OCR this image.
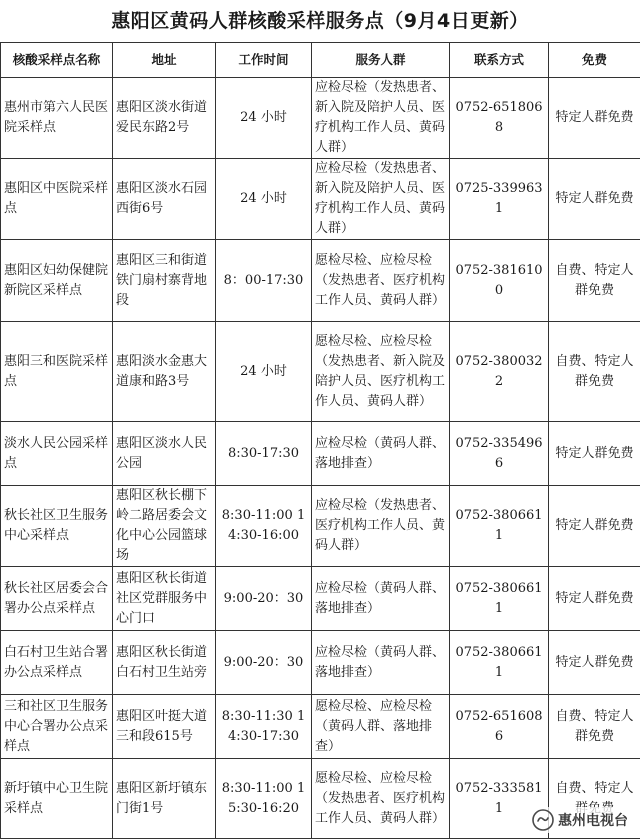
惠阳区黄码人群核酸采样服务点（9月4日更新）
核酸采样点名称	地址	工作时间	服务人群	联系方式	免费
惠州市第六人民医院采样点	惠阳区淡水街道爱民东路2号	24 小时	应检尽检（发热患者、新入院及陪护人员、医疗机构工作人员、黄码人群）	0752-6518068	特定人群免费
惠阳区中医院采样点	惠阳区淡水石园西街6号	24 小时	应检尽检（发热患者、新入院及陪护人员、医疗机构工作人员、黄码人群）	0725-3399631	特定人群免费
惠阳区妇幼保健院新院区采样点	惠阳区三和街道铁门扇村寨背地段	8：00-17:30	愿检尽检、应检尽检（发热患者、医疗机构工作人员、黄码人群）	0752-3816100	自费、特定人群免费
惠阳三和医院采样点	惠阳淡水金惠大道康和路3号	24 小时	愿检尽检、应检尽检（发热患者、新入院及陪护人员、医疗机构工作人员、黄码人群）	0752-3800322	自费、特定人群免费
淡水人民公园采样点	惠阳区淡水人民公园	8:30-17:30	应检尽检（黄码人群、落地排查）	0752-3354966	特定人群免费
秋长社区卫生服务中心采样点	惠阳区秋长棚下岭二路居委会文化中心公园篮球场	8:30-11:00 14:30-16:00	应检尽检（发热患者、医疗机构工作人员、黄码人群）	0752-3806611	特定人群免费
秋长社区居委会合署办公点采样点	惠阳区秋长街道社区党群服务中心门口	9:00-20：30	应检尽检（黄码人群、落地排查）	0752-3806611	特定人群免费
白石村卫生站合署办公点采样点	惠阳区秋长街道白石村卫生站旁	9:00-20：30	应检尽检（黄码人群、落地排查）	0752-3806611	特定人群免费
三和社区卫生服务中心合署办公点采样点	惠阳区叶挺大道三和段615号	8:30-11:30 14:30-17:30	愿检尽检、应检尽检（黄码人群、落地排查）	0752-6516086	自费、特定人群免费
新圩镇中心卫生院采样点	惠阳区新圩镇东门街1号	8:30-11:00 15:30-16:20	愿检尽检、应检尽检（发热患者、医疗机构工作人员、黄码人群）	0752-3335811	自费、特定人
惠州电视台
